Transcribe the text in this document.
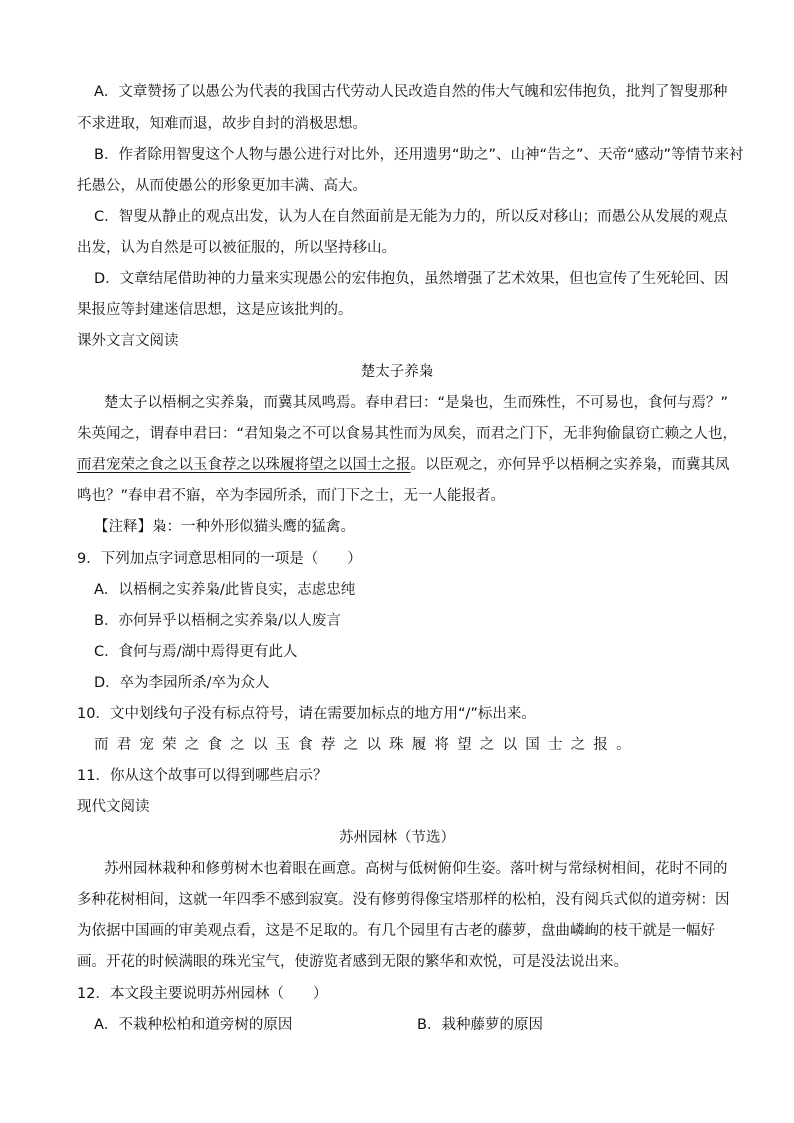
A．文章赞扬了以愚公为代表的我国古代劳动人民改造自然的伟大气魄和宏伟抱负，批判了智叟那种
不求进取，知难而退，故步自封的消极思想。
B．作者除用智叟这个人物与愚公进行对比外，还用遗男“助之”、山神“告之”、天帝“感动”等情节来衬
托愚公，从而使愚公的形象更加丰满、高大。
C．智叟从静止的观点出发，认为人在自然面前是无能为力的，所以反对移山；而愚公从发展的观点
出发，认为自然是可以被征服的，所以坚持移山。
D．文章结尾借助神的力量来实现愚公的宏伟抱负，虽然增强了艺术效果，但也宣传了生死轮回、因
果报应等封建迷信思想，这是应该批判的。
课外文言文阅读
楚太子养枭
楚太子以梧桐之实养枭，而冀其凤鸣焉。春申君曰：“是枭也，生而殊性，不可易也，食何与焉？”
朱英闻之，谓春申君曰：“君知枭之不可以食易其性而为凤矣，而君之门下，无非狗偷鼠窃亡赖之人也，
而君宠荣之食之以玉食荐之以珠履将望之以国士之报。以臣观之，亦何异乎以梧桐之实养枭，而冀其凤
鸣也？”春申君不寤，卒为李园所杀，而门下之士，无一人能报者。
【注释】枭：一种外形似猫头鹰的猛禽。
9．下列加点字词意思相同的一项是（　　）
A．以梧桐之实养枭/此皆良实，志虑忠纯
B．亦何异乎以梧桐之实养枭/以人废言
C．食何与焉/湖中焉得更有此人
D．卒为李园所杀/卒为众人
10．文中划线句子没有标点符号，请在需要加标点的地方用“/”标出来。
而君宠荣之食之以玉食荐之以珠履将望之以国士之报。
11．你从这个故事可以得到哪些启示？
现代文阅读
苏州园林（节选）
苏州园林栽种和修剪树木也着眼在画意。高树与低树俯仰生姿。落叶树与常绿树相间，花时不同的
多种花树相间，这就一年四季不感到寂寞。没有修剪得像宝塔那样的松柏，没有阅兵式似的道旁树：因
为依据中国画的审美观点看，这是不足取的。有几个园里有古老的藤萝，盘曲嶙峋的枝干就是一幅好
画。开花的时候满眼的珠光宝气，使游览者感到无限的繁华和欢悦，可是没法说出来。
12．本文段主要说明苏州园林（　　）
A．不栽种松柏和道旁树的原因	B．栽种藤萝的原因
